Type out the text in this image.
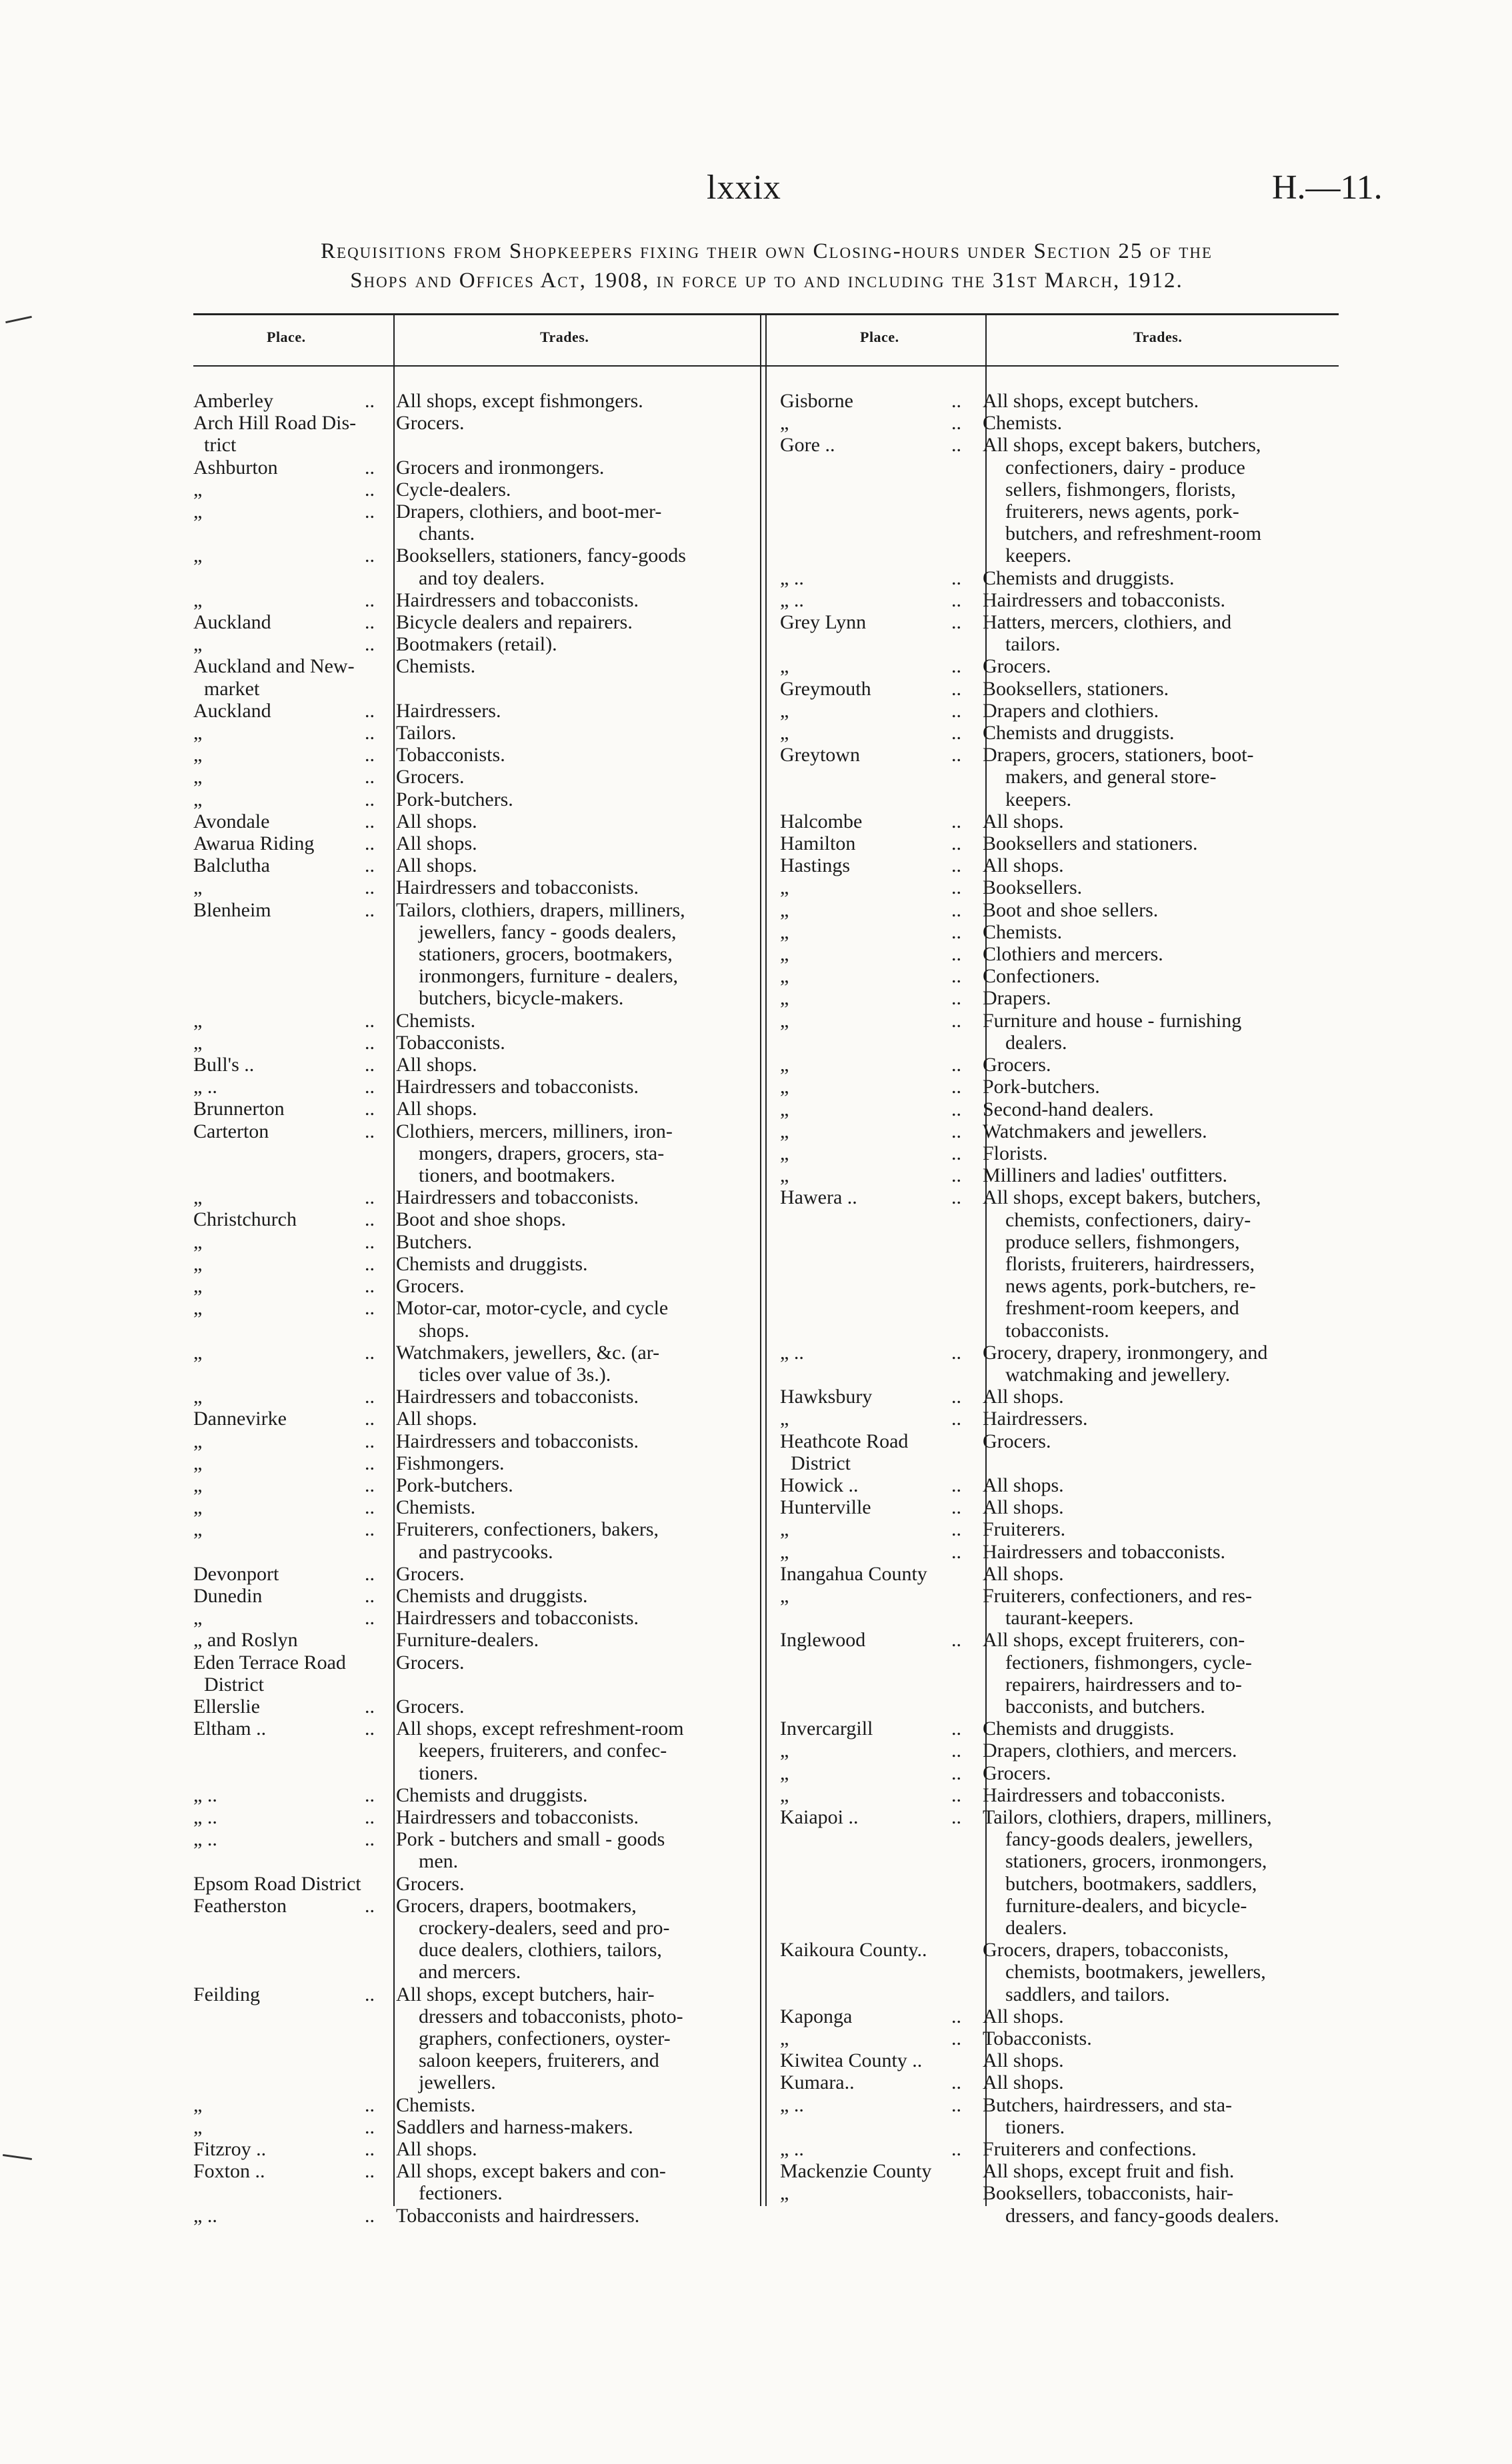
lxxix	H.—11.
Requisitions from Shopkeepers fixing their own Closing-hours under Section 25 of the
Shops and Offices Act, 1908, in force up to and including the 31st March, 1912.
Place.	Trades.	Place.	Trades.
Amberley	..	All shops, except fishmongers.
Arch Hill Road Dis-	Grocers.
trict
Ashburton	..	Grocers and ironmongers.
„	..	Cycle-dealers.
„	..	Drapers, clothiers, and boot-mer-
chants.
„	..	Booksellers, stationers, fancy-goods
and toy dealers.
„	..	Hairdressers and tobacconists.
Auckland	..	Bicycle dealers and repairers.
„	..	Bootmakers (retail).
Auckland and New-	Chemists.
market
Auckland	..	Hairdressers.
„	..	Tailors.
„	..	Tobacconists.
„	..	Grocers.
„	..	Pork-butchers.
Avondale	..	All shops.
Awarua Riding	..	All shops.
Balclutha	..	All shops.
„	..	Hairdressers and tobacconists.
Blenheim	..	Tailors, clothiers, drapers, milliners,
jewellers, fancy - goods dealers,
stationers, grocers, bootmakers,
ironmongers, furniture - dealers,
butchers, bicycle-makers.
„	..	Chemists.
„	..	Tobacconists.
Bull's ..	..	All shops.
„ ..	..	Hairdressers and tobacconists.
Brunnerton	..	All shops.
Carterton	..	Clothiers, mercers, milliners, iron-
mongers, drapers, grocers, sta-
tioners, and bootmakers.
„	..	Hairdressers and tobacconists.
Christchurch	..	Boot and shoe shops.
„	..	Butchers.
„	..	Chemists and druggists.
„	..	Grocers.
„	..	Motor-car, motor-cycle, and cycle
shops.
„	..	Watchmakers, jewellers, &c. (ar-
ticles over value of 3s.).
„	..	Hairdressers and tobacconists.
Dannevirke	..	All shops.
„	..	Hairdressers and tobacconists.
„	..	Fishmongers.
„	..	Pork-butchers.
„	..	Chemists.
„	..	Fruiterers, confectioners, bakers,
and pastrycooks.
Devonport	..	Grocers.
Dunedin	..	Chemists and druggists.
„	..	Hairdressers and tobacconists.
„ and Roslyn	Furniture-dealers.
Eden Terrace Road	Grocers.
District
Ellerslie	..	Grocers.
Eltham ..	..	All shops, except refreshment-room
keepers, fruiterers, and confec-
tioners.
„ ..	..	Chemists and druggists.
„ ..	..	Hairdressers and tobacconists.
„ ..	..	Pork - butchers and small - goods
men.
Epsom Road District	Grocers.
Featherston	..	Grocers, drapers, bootmakers,
crockery-dealers, seed and pro-
duce dealers, clothiers, tailors,
and mercers.
Feilding	..	All shops, except butchers, hair-
dressers and tobacconists, photo-
graphers, confectioners, oyster-
saloon keepers, fruiterers, and
jewellers.
„	..	Chemists.
„	..	Saddlers and harness-makers.
Fitzroy ..	..	All shops.
Foxton ..	..	All shops, except bakers and con-
fectioners.
„ ..	..	Tobacconists and hairdressers.
Gisborne	..	All shops, except butchers.
„	..	Chemists.
Gore ..	..	All shops, except bakers, butchers,
confectioners, dairy - produce
sellers, fishmongers, florists,
fruiterers, news agents, pork-
butchers, and refreshment-room
keepers.
„ ..	..	Chemists and druggists.
„ ..	..	Hairdressers and tobacconists.
Grey Lynn	..	Hatters, mercers, clothiers, and
tailors.
„	..	Grocers.
Greymouth	..	Booksellers, stationers.
„	..	Drapers and clothiers.
„	..	Chemists and druggists.
Greytown	..	Drapers, grocers, stationers, boot-
makers, and general store-
keepers.
Halcombe	..	All shops.
Hamilton	..	Booksellers and stationers.
Hastings	..	All shops.
„	..	Booksellers.
„	..	Boot and shoe sellers.
„	..	Chemists.
„	..	Clothiers and mercers.
„	..	Confectioners.
„	..	Drapers.
„	..	Furniture and house - furnishing
dealers.
„	..	Grocers.
„	..	Pork-butchers.
„	..	Second-hand dealers.
„	..	Watchmakers and jewellers.
„	..	Florists.
„	..	Milliners and ladies' outfitters.
Hawera ..	..	All shops, except bakers, butchers,
chemists, confectioners, dairy-
produce sellers, fishmongers,
florists, fruiterers, hairdressers,
news agents, pork-butchers, re-
freshment-room keepers, and
tobacconists.
„ ..	..	Grocery, drapery, ironmongery, and
watchmaking and jewellery.
Hawksbury	..	All shops.
„	..	Hairdressers.
Heathcote Road	Grocers.
District
Howick ..	..	All shops.
Hunterville	..	All shops.
„	..	Fruiterers.
„	..	Hairdressers and tobacconists.
Inangahua County	All shops.
„	Fruiterers, confectioners, and res-
taurant-keepers.
Inglewood	..	All shops, except fruiterers, con-
fectioners, fishmongers, cycle-
repairers, hairdressers and to-
bacconists, and butchers.
Invercargill	..	Chemists and druggists.
„	..	Drapers, clothiers, and mercers.
„	..	Grocers.
„	..	Hairdressers and tobacconists.
Kaiapoi ..	..	Tailors, clothiers, drapers, milliners,
fancy-goods dealers, jewellers,
stationers, grocers, ironmongers,
butchers, bootmakers, saddlers,
furniture-dealers, and bicycle-
dealers.
Kaikoura County..	Grocers, drapers, tobacconists,
chemists, bootmakers, jewellers,
saddlers, and tailors.
Kaponga	..	All shops.
„	..	Tobacconists.
Kiwitea County ..	All shops.
Kumara..	..	All shops.
„ ..	..	Butchers, hairdressers, and sta-
tioners.
„ ..	..	Fruiterers and confections.
Mackenzie County	All shops, except fruit and fish.
„	Booksellers, tobacconists, hair-
dressers, and fancy-goods dealers.
